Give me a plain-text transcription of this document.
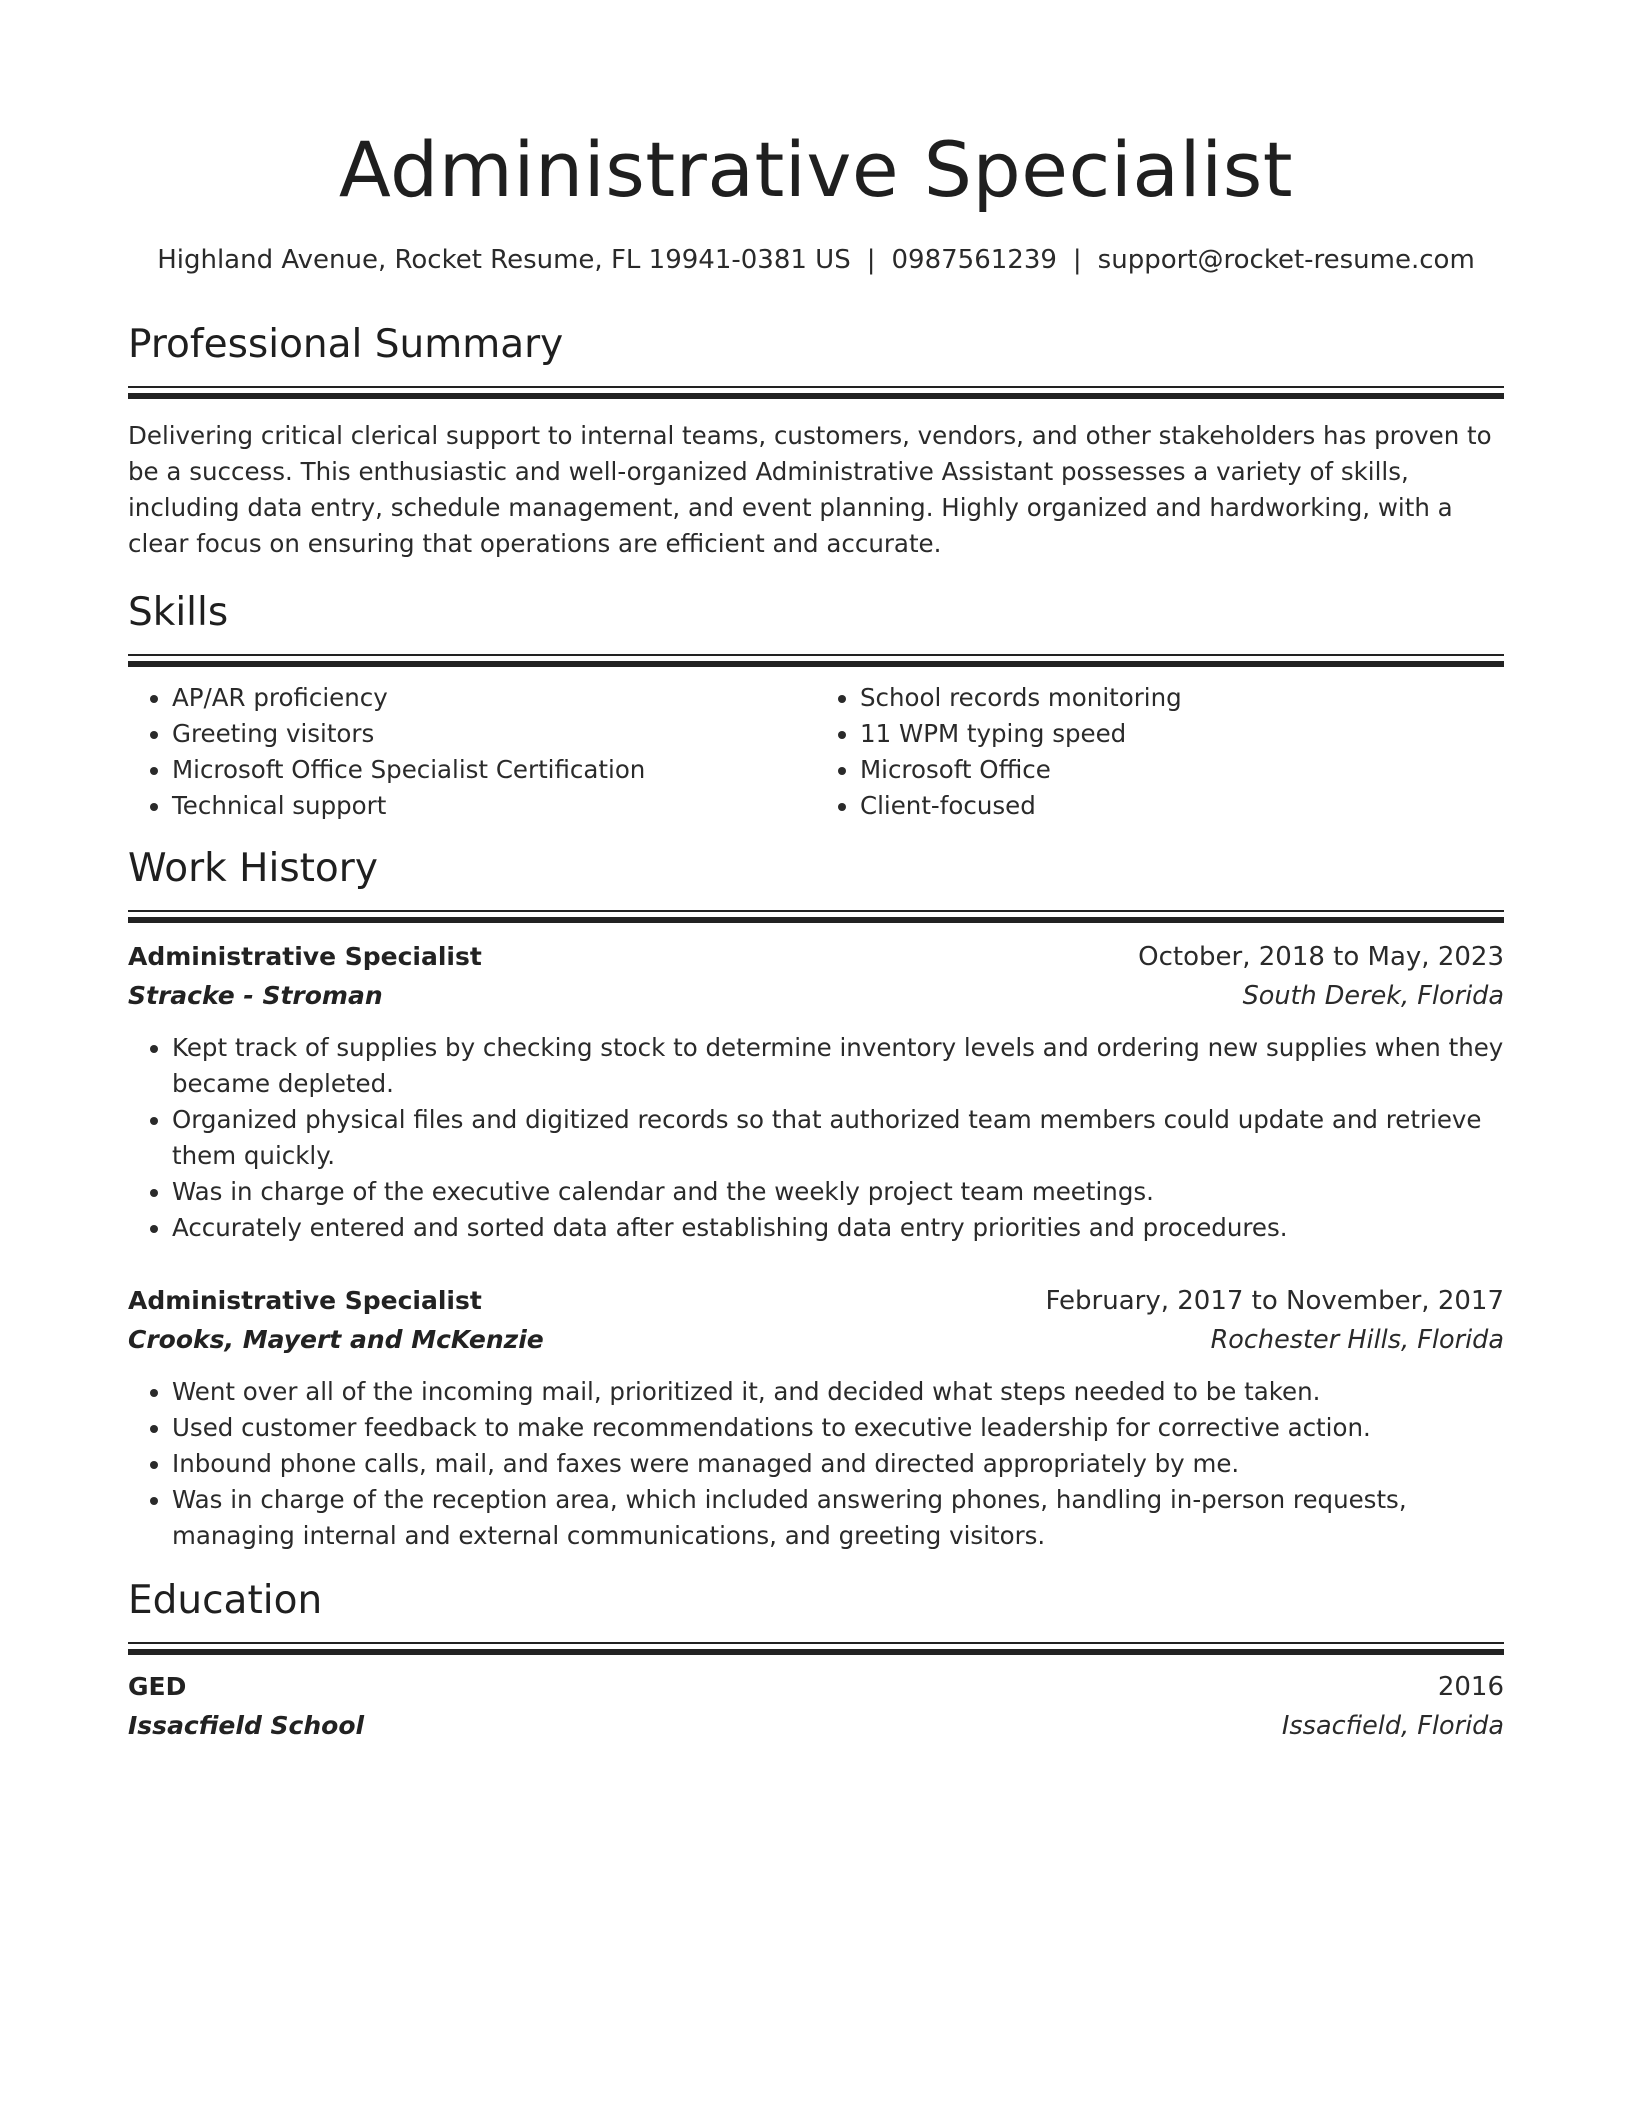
Administrative Specialist
Highland Avenue, Rocket Resume, FL 19941-0381 US | 0987561239 | support@rocket-resume.com
Professional Summary

Delivering critical clerical support to internal teams, customers, vendors, and other stakeholders has proven to be a success. This enthusiastic and well-organized Administrative Assistant possesses a variety of skills, including data entry, schedule management, and event planning. Highly organized and hardworking, with a clear focus on ensuring that operations are efficient and accurate.

Skills
• AP/AR proficiency
• Greeting visitors
• Microsoft Office Specialist Certification
• Technical support
• School records monitoring
• 11 WPM typing speed
• Microsoft Office
• Client-focused
Work History
Administrative Specialist	October, 2018 to May, 2023
Stracke - Stroman	South Derek, Florida
• Kept track of supplies by checking stock to determine inventory levels and ordering new supplies when they became depleted.
• Organized physical files and digitized records so that authorized team members could update and retrieve them quickly.
• Was in charge of the executive calendar and the weekly project team meetings.
• Accurately entered and sorted data after establishing data entry priorities and procedures.
Administrative Specialist	February, 2017 to November, 2017
Crooks, Mayert and McKenzie	Rochester Hills, Florida
• Went over all of the incoming mail, prioritized it, and decided what steps needed to be taken.
• Used customer feedback to make recommendations to executive leadership for corrective action.
• Inbound phone calls, mail, and faxes were managed and directed appropriately by me.
• Was in charge of the reception area, which included answering phones, handling in-person requests, managing internal and external communications, and greeting visitors.
Education
GED	2016
Issacfield School	Issacfield, Florida
